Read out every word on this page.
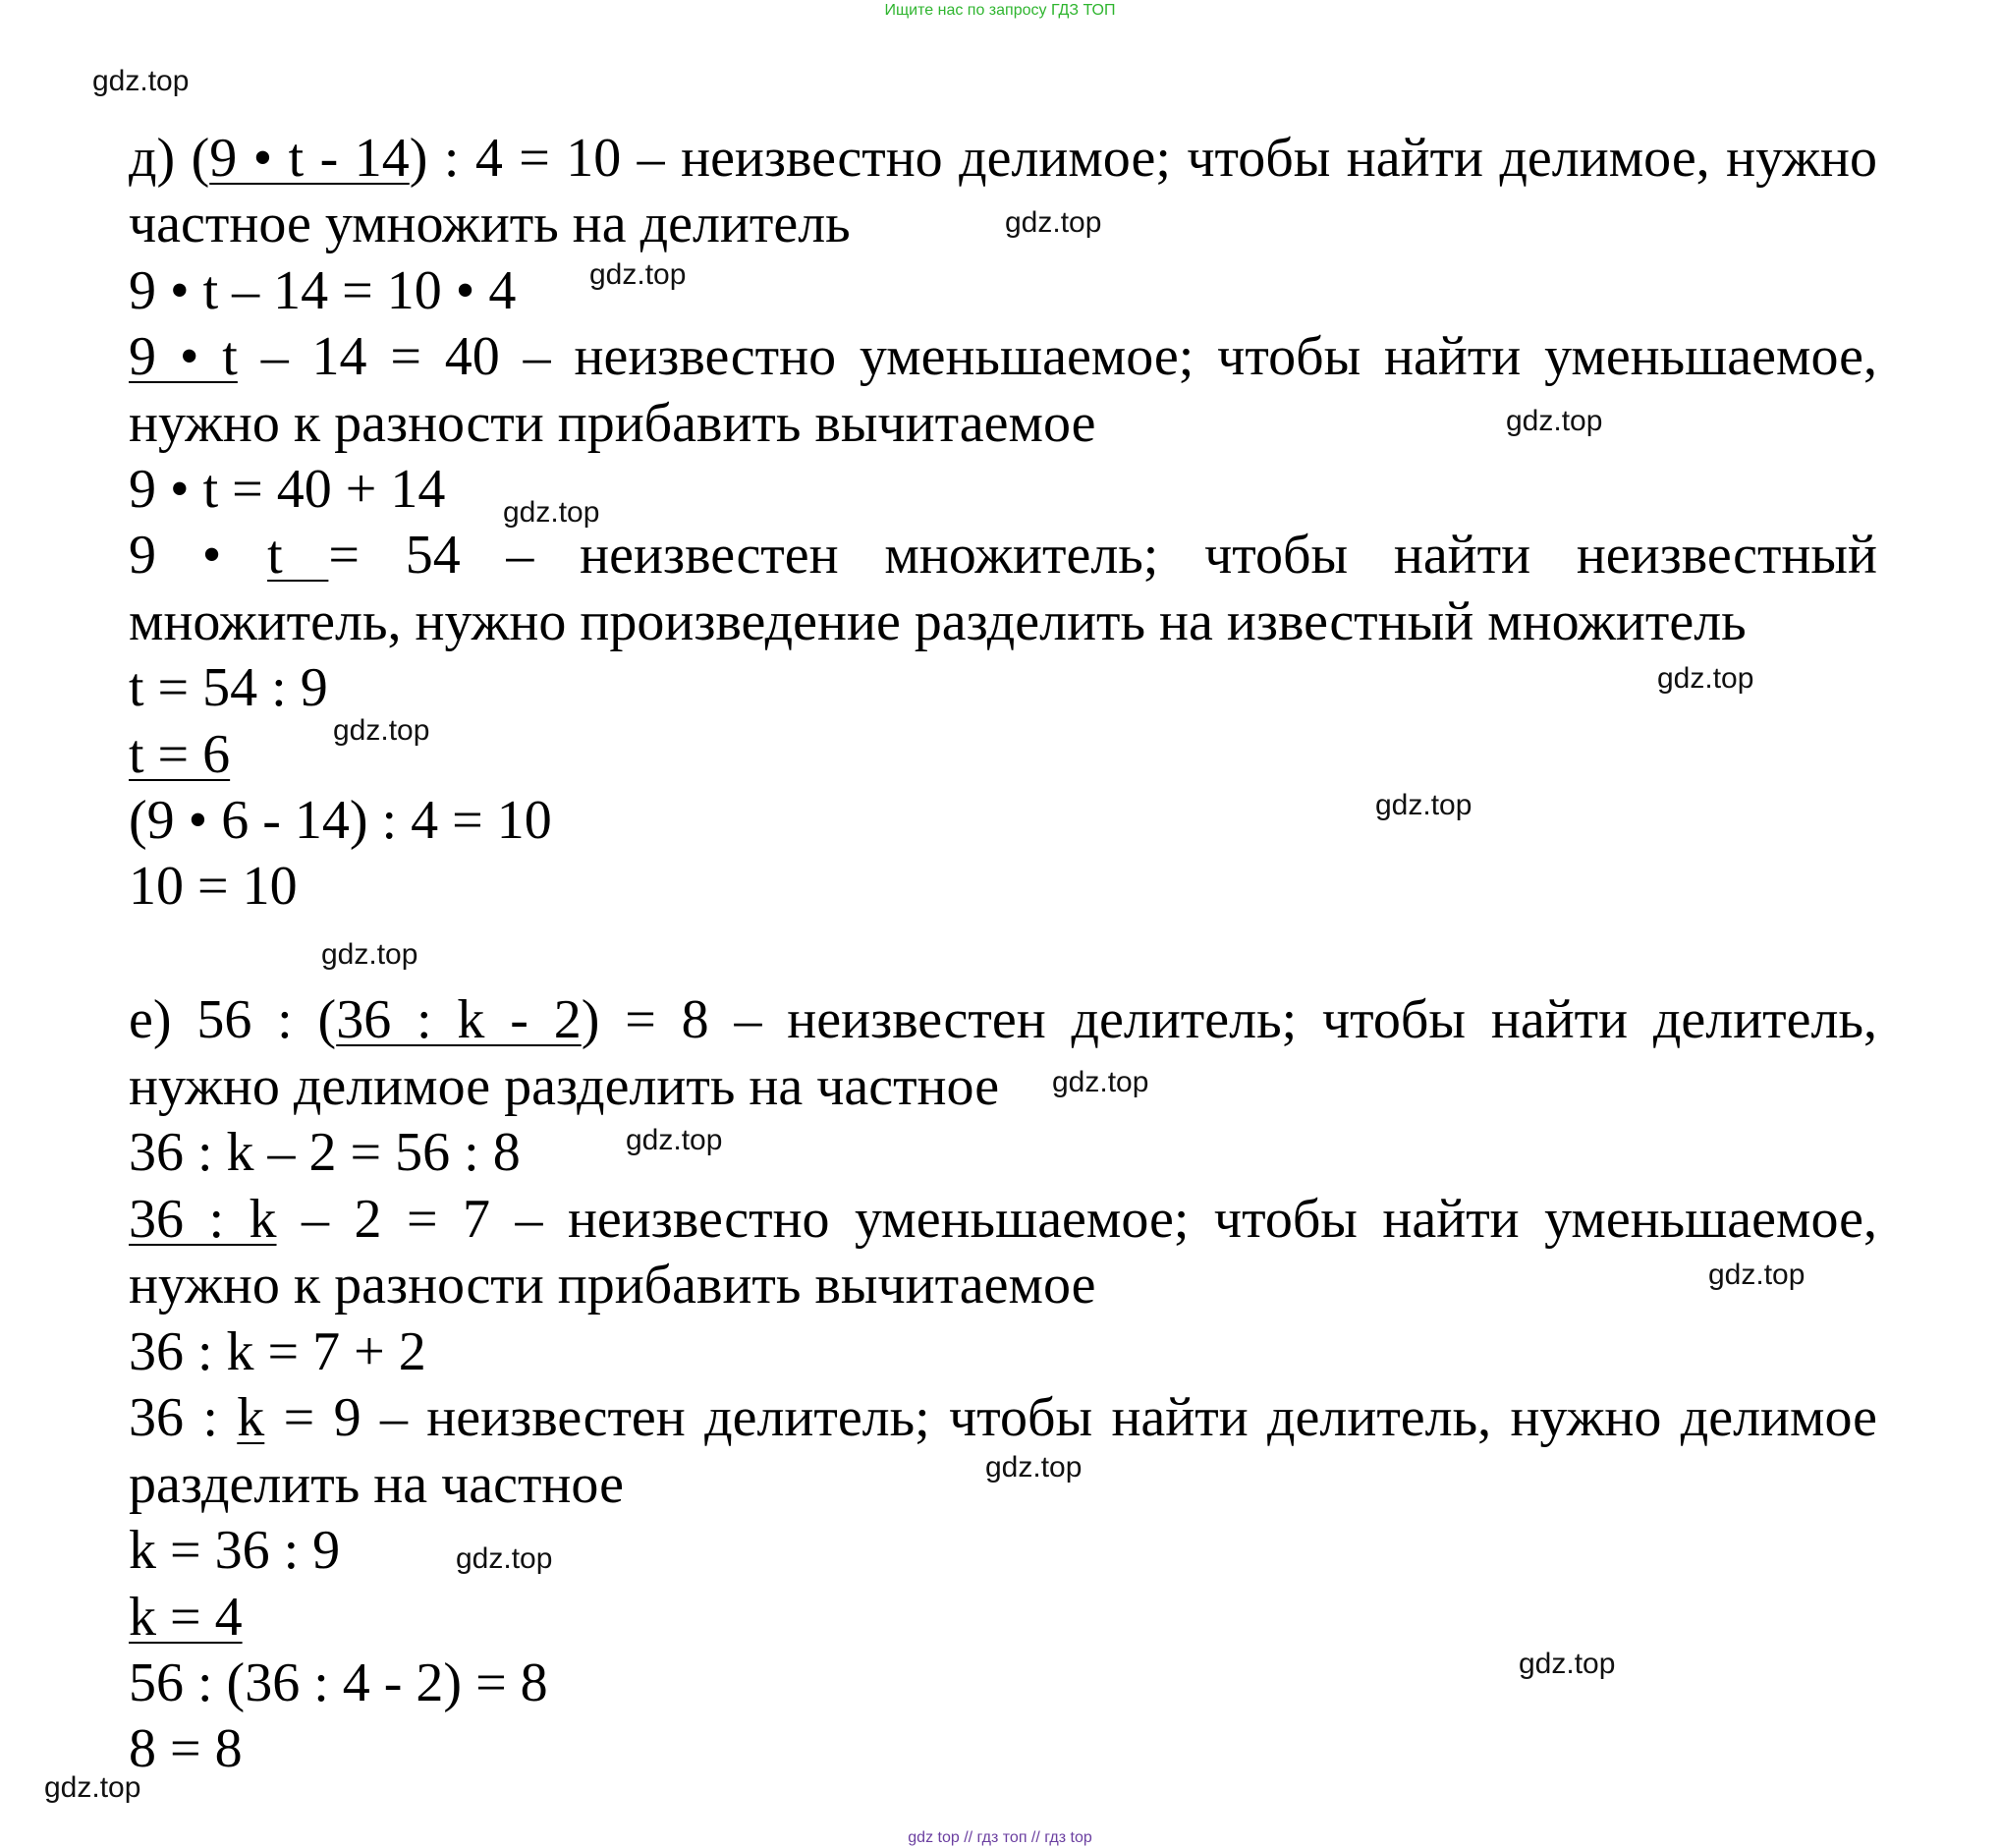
Ищите нас по запросу ГДЗ ТОП
gdz.top
gdz.top
gdz.top
gdz.top
gdz.top
gdz.top
gdz.top
gdz.top
gdz.top
gdz.top
gdz.top
gdz.top
gdz.top
gdz.top
gdz.top
gdz.top
д) (9 • t - 14) : 4 = 10 – неизвестно делимое; чтобы найти делимое, нужно
частное умножить на делитель
9 • t – 14 = 10 • 4
9 • t – 14 = 40 – неизвестно уменьшаемое; чтобы найти уменьшаемое,
нужно к разности прибавить вычитаемое
9 • t = 40 + 14
9 • t = 54 – неизвестен множитель; чтобы найти неизвестный
множитель, нужно произведение разделить на известный множитель
t = 54 : 9
t = 6
(9 • 6 - 14) : 4 = 10
10 = 10
е) 56 : (36 : k - 2) = 8 – неизвестен делитель; чтобы найти делитель,
нужно делимое разделить на частное
36 : k – 2 = 56 : 8
36 : k – 2 = 7 – неизвестно уменьшаемое; чтобы найти уменьшаемое,
нужно к разности прибавить вычитаемое
36 : k = 7 + 2
36 : k = 9 – неизвестен делитель; чтобы найти делитель, нужно делимое
разделить на частное
k = 36 : 9
k = 4
56 : (36 : 4 - 2) = 8
8 = 8
gdz top // гдз топ // гдз top
